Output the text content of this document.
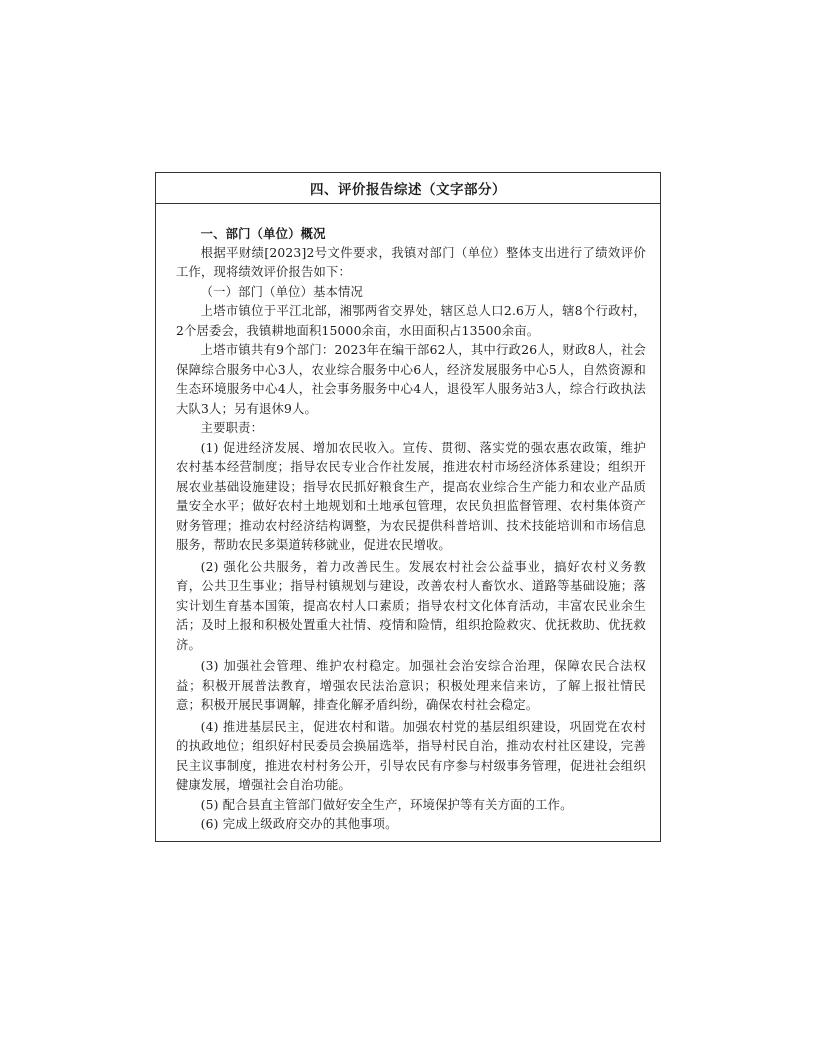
四、评价报告综述（文字部分）

一、部门（单位）概况

根据平财绩[2023]2号文件要求，我镇对部门（单位）整体支出进行了绩效评价工作，现将绩效评价报告如下：

（一）部门（单位）基本情况

上塔市镇位于平江北部，湘鄂两省交界处，辖区总人口2.6万人，辖8个行政村，2个居委会，我镇耕地面积15000余亩，水田面积占13500余亩。

上塔市镇共有9个部门：2023年在编干部62人，其中行政26人，财政8人，社会保障综合服务中心3人，农业综合服务中心6人，经济发展服务中心5人，自然资源和生态环境服务中心4人，社会事务服务中心4人，退役军人服务站3人，综合行政执法大队3人；另有退休9人。

主要职责：

(1) 促进经济发展、增加农民收入。宣传、贯彻、落实党的强农惠农政策，维护农村基本经营制度；指导农民专业合作社发展，推进农村市场经济体系建设；组织开展农业基础设施建设；指导农民抓好粮食生产，提高农业综合生产能力和农业产品质量安全水平；做好农村土地规划和土地承包管理，农民负担监督管理、农村集体资产财务管理；推动农村经济结构调整，为农民提供科普培训、技术技能培训和市场信息服务，帮助农民多渠道转移就业，促进农民增收。

(2) 强化公共服务，着力改善民生。发展农村社会公益事业，搞好农村义务教育，公共卫生事业；指导村镇规划与建设，改善农村人畜饮水、道路等基础设施；落实计划生育基本国策，提高农村人口素质；指导农村文化体育活动，丰富农民业余生活；及时上报和积极处置重大社情、疫情和险情，组织抢险救灾、优抚救助、优抚救济。

(3) 加强社会管理、维护农村稳定。加强社会治安综合治理，保障农民合法权益；积极开展普法教育，增强农民法治意识；积极处理来信来访，了解上报社情民意；积极开展民事调解，排查化解矛盾纠纷，确保农村社会稳定。

(4) 推进基层民主，促进农村和谐。加强农村党的基层组织建设，巩固党在农村的执政地位；组织好村民委员会换届选举，指导村民自治，推动农村社区建设，完善民主议事制度，推进农村村务公开，引导农民有序参与村级事务管理，促进社会组织健康发展，增强社会自治功能。

(5) 配合县直主管部门做好安全生产，环境保护等有关方面的工作。

(6) 完成上级政府交办的其他事项。
